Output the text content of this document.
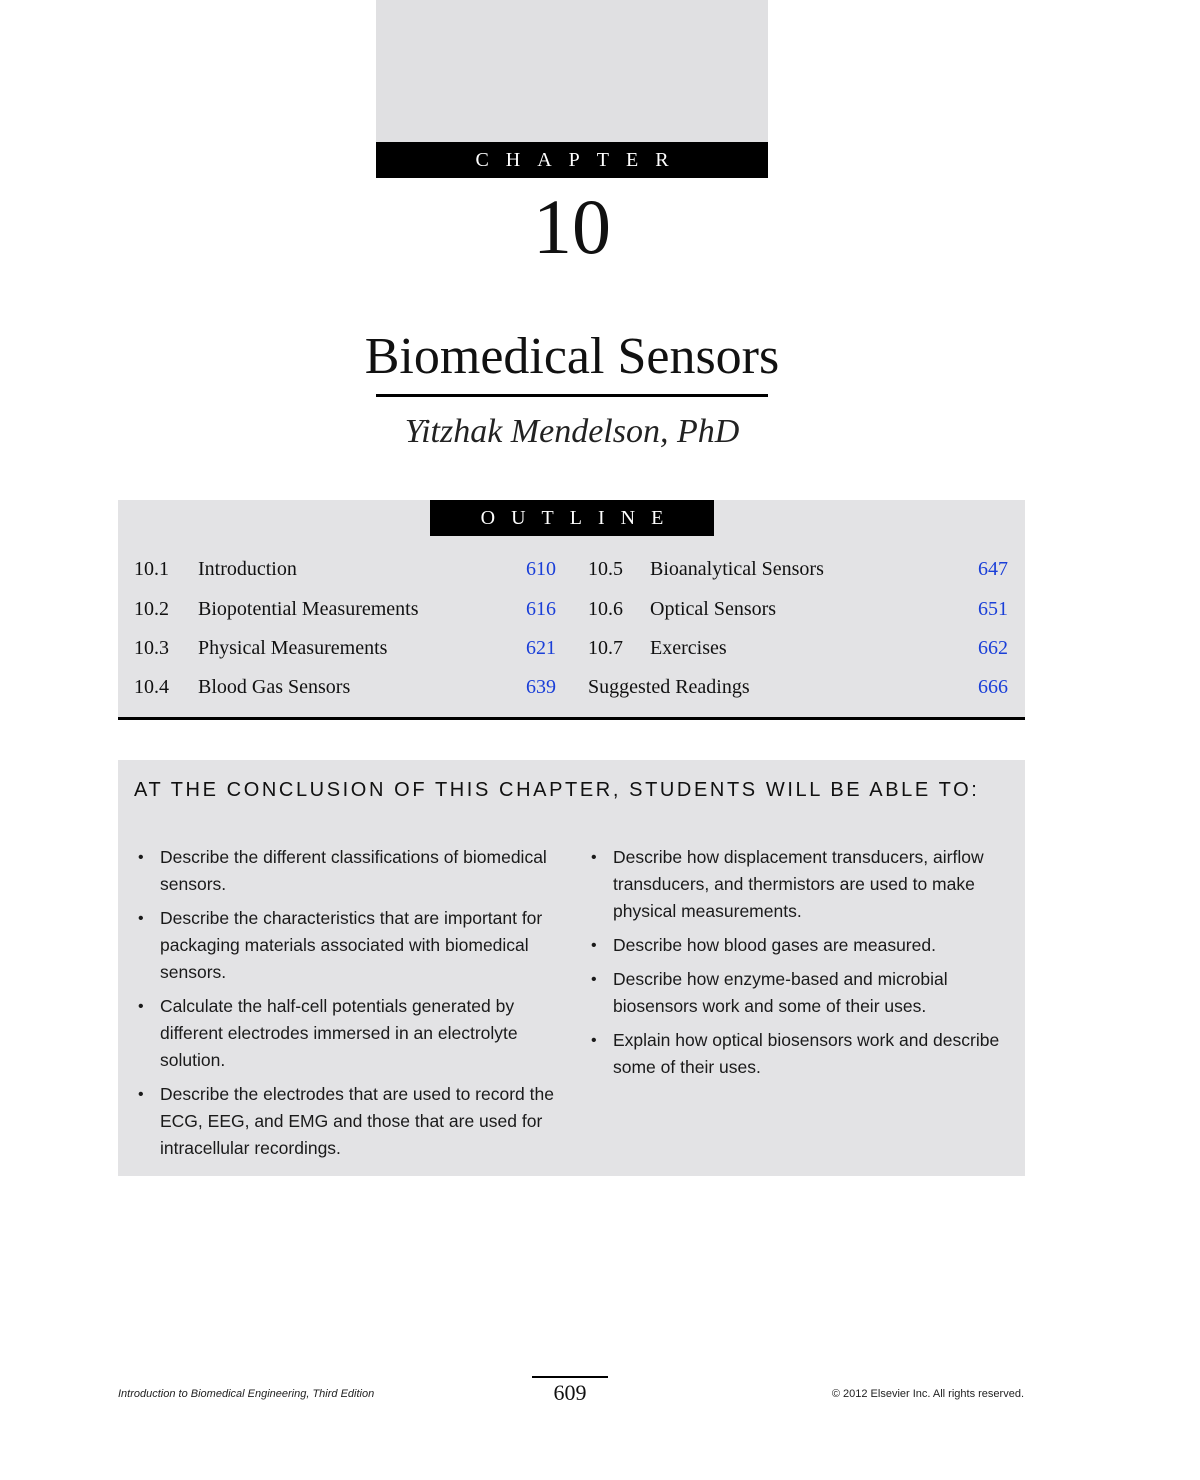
CHAPTER
10
Biomedical Sensors
Yitzhak Mendelson, PhD
OUTLINE
10.1 Introduction	610
10.2 Biopotential Measurements	616
10.3 Physical Measurements	621
10.4 Blood Gas Sensors	639
10.5 Bioanalytical Sensors	647
10.6 Optical Sensors	651
10.7 Exercises	662
Suggested Readings	666
AT THE CONCLUSION OF THIS CHAPTER, STUDENTS WILL BE ABLE TO:
• Describe the different classifications of biomedical sensors.
• Describe the characteristics that are important for packaging materials associated with biomedical sensors.
• Calculate the half-cell potentials generated by different electrodes immersed in an electrolyte solution.
• Describe the electrodes that are used to record the ECG, EEG, and EMG and those that are used for intracellular recordings.
• Describe how displacement transducers, airflow transducers, and thermistors are used to make physical measurements.
• Describe how blood gases are measured.
• Describe how enzyme-based and microbial biosensors work and some of their uses.
• Explain how optical biosensors work and describe some of their uses.
Introduction to Biomedical Engineering, Third Edition	609	© 2012 Elsevier Inc. All rights reserved.
